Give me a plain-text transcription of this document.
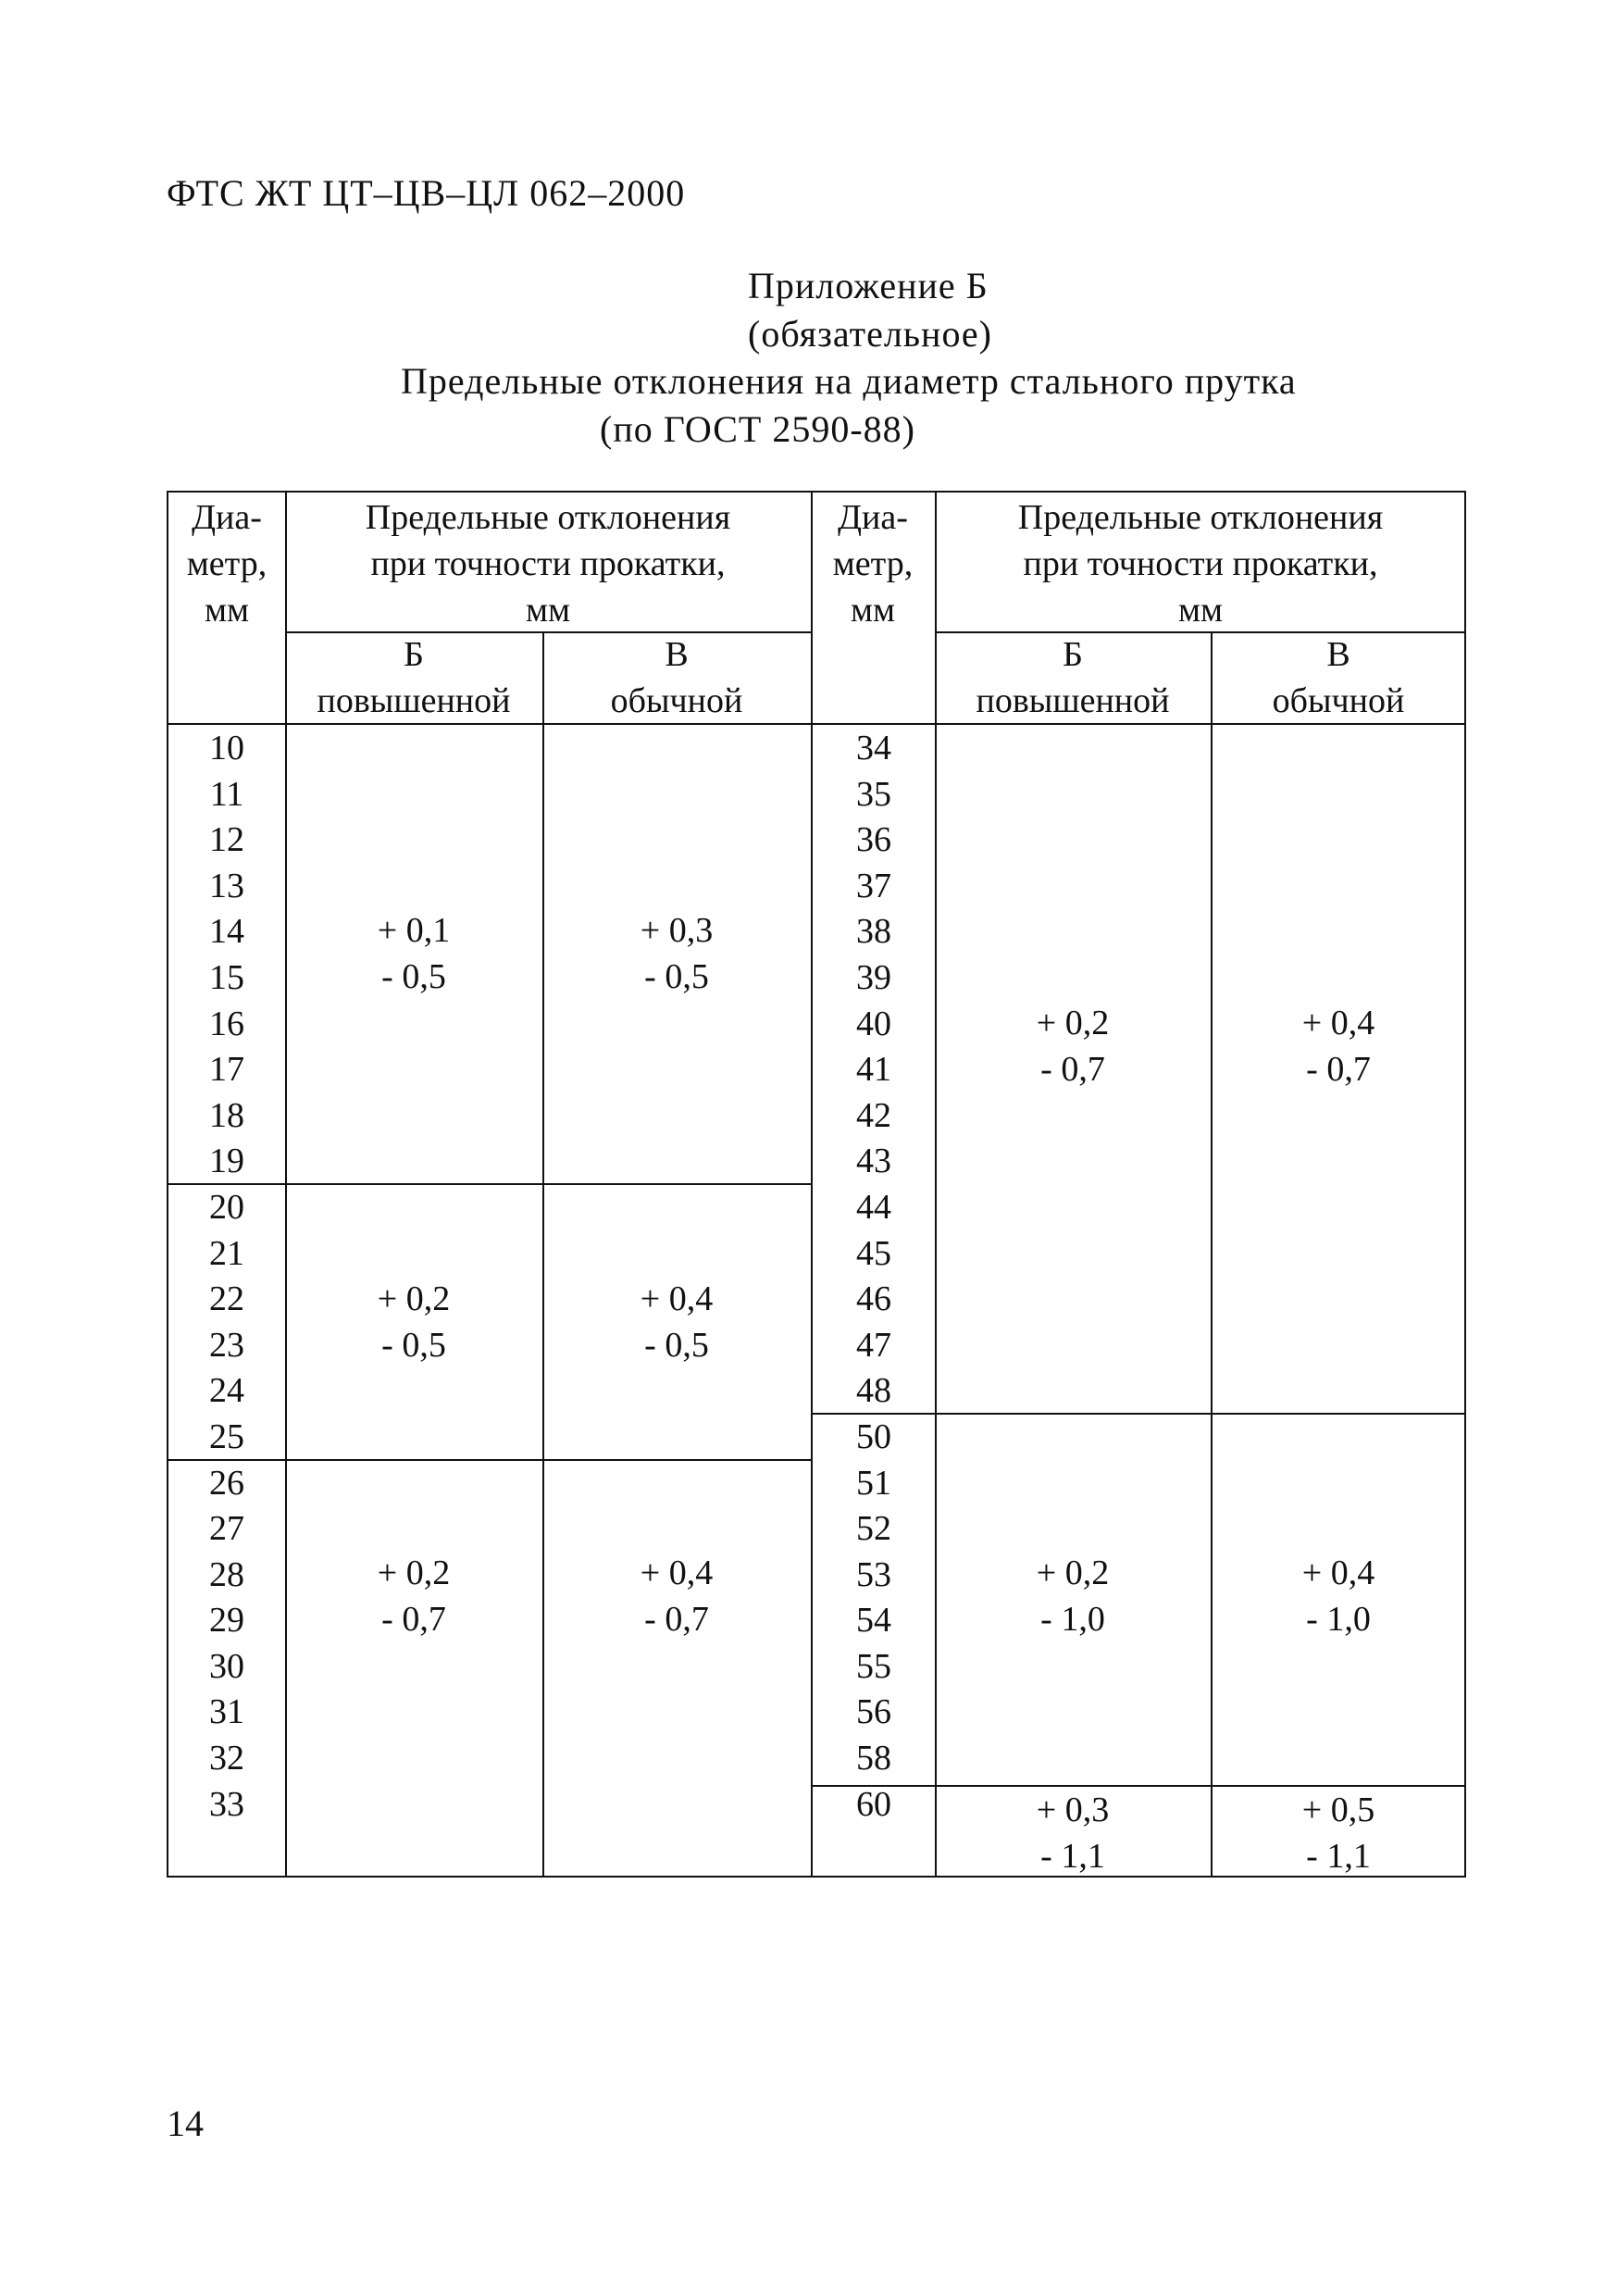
ФТС ЖТ ЦТ–ЦВ–ЦЛ 062–2000
Приложение Б
(обязательное)
Предельные отклонения на диаметр стального прутка
(по ГОСТ 2590-88)
Диа-
метр,
мм
Предельные отклонения
при точности прокатки,
мм
Б
повышенной
В
обычной
Диа-
метр,
мм
Предельные отклонения
при точности прокатки,
мм
Б
повышенной
В
обычной
10
11
12
13
14
15
16
17
18
19
20
21
22
23
24
25
26
27
28
29
30
31
32
33
34
35
36
37
38
39
40
41
42
43
44
45
46
47
48
50
51
52
53
54
55
56
58
60
+ 0,1
- 0,5
+ 0,3
- 0,5
+ 0,2
- 0,5
+ 0,4
- 0,5
+ 0,2
- 0,7
+ 0,4
- 0,7
+ 0,2
- 0,7
+ 0,4
- 0,7
+ 0,2
- 1,0
+ 0,4
- 1,0
+ 0,3
- 1,1
+ 0,5
- 1,1
14
